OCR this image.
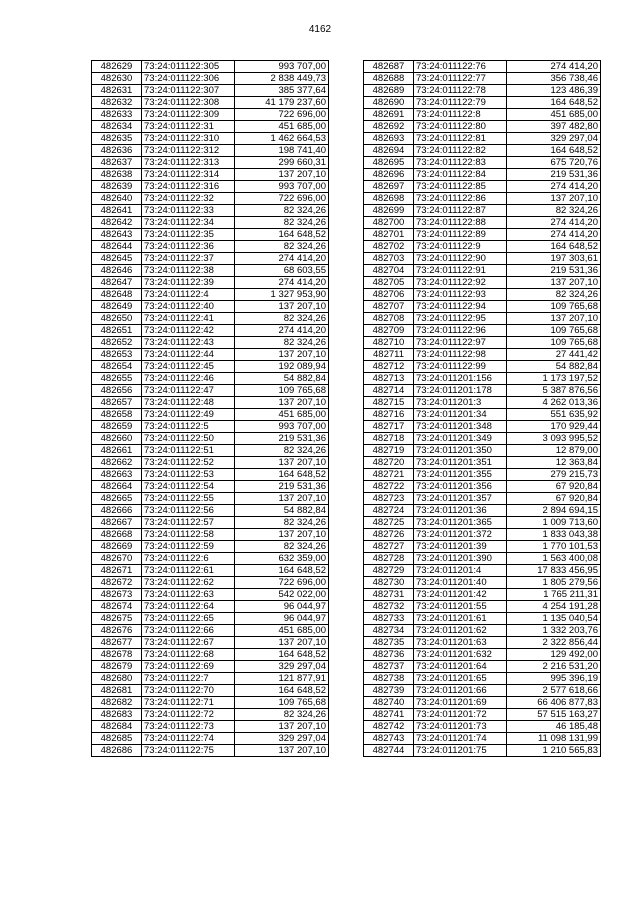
4162
482629	73:24:011122:305	993 707,00
482630	73:24:011122:306	2 838 449,73
482631	73:24:011122:307	385 377,64
482632	73:24:011122:308	41 179 237,60
482633	73:24:011122:309	722 696,00
482634	73:24:011122:31	451 685,00
482635	73:24:011122:310	1 462 664,53
482636	73:24:011122:312	198 741,40
482637	73:24:011122:313	299 660,31
482638	73:24:011122:314	137 207,10
482639	73:24:011122:316	993 707,00
482640	73:24:011122:32	722 696,00
482641	73:24:011122:33	82 324,26
482642	73:24:011122:34	82 324,26
482643	73:24:011122:35	164 648,52
482644	73:24:011122:36	82 324,26
482645	73:24:011122:37	274 414,20
482646	73:24:011122:38	68 603,55
482647	73:24:011122:39	274 414,20
482648	73:24:011122:4	1 327 953,90
482649	73:24:011122:40	137 207,10
482650	73:24:011122:41	82 324,26
482651	73:24:011122:42	274 414,20
482652	73:24:011122:43	82 324,26
482653	73:24:011122:44	137 207,10
482654	73:24:011122:45	192 089,94
482655	73:24:011122:46	54 882,84
482656	73:24:011122:47	109 765,68
482657	73:24:011122:48	137 207,10
482658	73:24:011122:49	451 685,00
482659	73:24:011122:5	993 707,00
482660	73:24:011122:50	219 531,36
482661	73:24:011122:51	82 324,26
482662	73:24:011122:52	137 207,10
482663	73:24:011122:53	164 648,52
482664	73:24:011122:54	219 531,36
482665	73:24:011122:55	137 207,10
482666	73:24:011122:56	54 882,84
482667	73:24:011122:57	82 324,26
482668	73:24:011122:58	137 207,10
482669	73:24:011122:59	82 324,26
482670	73:24:011122:6	632 359,00
482671	73:24:011122:61	164 648,52
482672	73:24:011122:62	722 696,00
482673	73:24:011122:63	542 022,00
482674	73:24:011122:64	96 044,97
482675	73:24:011122:65	96 044,97
482676	73:24:011122:66	451 685,00
482677	73:24:011122:67	137 207,10
482678	73:24:011122:68	164 648,52
482679	73:24:011122:69	329 297,04
482680	73:24:011122:7	121 877,91
482681	73:24:011122:70	164 648,52
482682	73:24:011122:71	109 765,68
482683	73:24:011122:72	82 324,26
482684	73:24:011122:73	137 207,10
482685	73:24:011122:74	329 297,04
482686	73:24:011122:75	137 207,10
482687	73:24:011122:76	274 414,20
482688	73:24:011122:77	356 738,46
482689	73:24:011122:78	123 486,39
482690	73:24:011122:79	164 648,52
482691	73:24:011122:8	451 685,00
482692	73:24:011122:80	397 482,80
482693	73:24:011122:81	329 297,04
482694	73:24:011122:82	164 648,52
482695	73:24:011122:83	675 720,76
482696	73:24:011122:84	219 531,36
482697	73:24:011122:85	274 414,20
482698	73:24:011122:86	137 207,10
482699	73:24:011122:87	82 324,26
482700	73:24:011122:88	274 414,20
482701	73:24:011122:89	274 414,20
482702	73:24:011122:9	164 648,52
482703	73:24:011122:90	197 303,61
482704	73:24:011122:91	219 531,36
482705	73:24:011122:92	137 207,10
482706	73:24:011122:93	82 324,26
482707	73:24:011122:94	109 765,68
482708	73:24:011122:95	137 207,10
482709	73:24:011122:96	109 765,68
482710	73:24:011122:97	109 765,68
482711	73:24:011122:98	27 441,42
482712	73:24:011122:99	54 882,84
482713	73:24:011201:156	1 173 197,52
482714	73:24:011201:178	5 387 876,56
482715	73:24:011201:3	4 262 013,36
482716	73:24:011201:34	551 635,92
482717	73:24:011201:348	170 929,44
482718	73:24:011201:349	3 093 995,52
482719	73:24:011201:350	12 879,00
482720	73:24:011201:351	12 363,84
482721	73:24:011201:355	279 215,73
482722	73:24:011201:356	67 920,84
482723	73:24:011201:357	67 920,84
482724	73:24:011201:36	2 894 694,15
482725	73:24:011201:365	1 009 713,60
482726	73:24:011201:372	1 833 043,38
482727	73:24:011201:39	1 770 101,53
482728	73:24:011201:390	1 563 400,08
482729	73:24:011201:4	17 833 456,95
482730	73:24:011201:40	1 805 279,56
482731	73:24:011201:42	1 765 211,31
482732	73:24:011201:55	4 254 191,28
482733	73:24:011201:61	1 135 040,54
482734	73:24:011201:62	1 332 203,76
482735	73:24:011201:63	2 322 856,44
482736	73:24:011201:632	129 492,00
482737	73:24:011201:64	2 216 531,20
482738	73:24:011201:65	995 396,19
482739	73:24:011201:66	2 577 618,66
482740	73:24:011201:69	66 406 877,83
482741	73:24:011201:72	57 515 163,27
482742	73:24:011201:73	46 185,48
482743	73:24:011201:74	11 098 131,99
482744	73:24:011201:75	1 210 565,83
